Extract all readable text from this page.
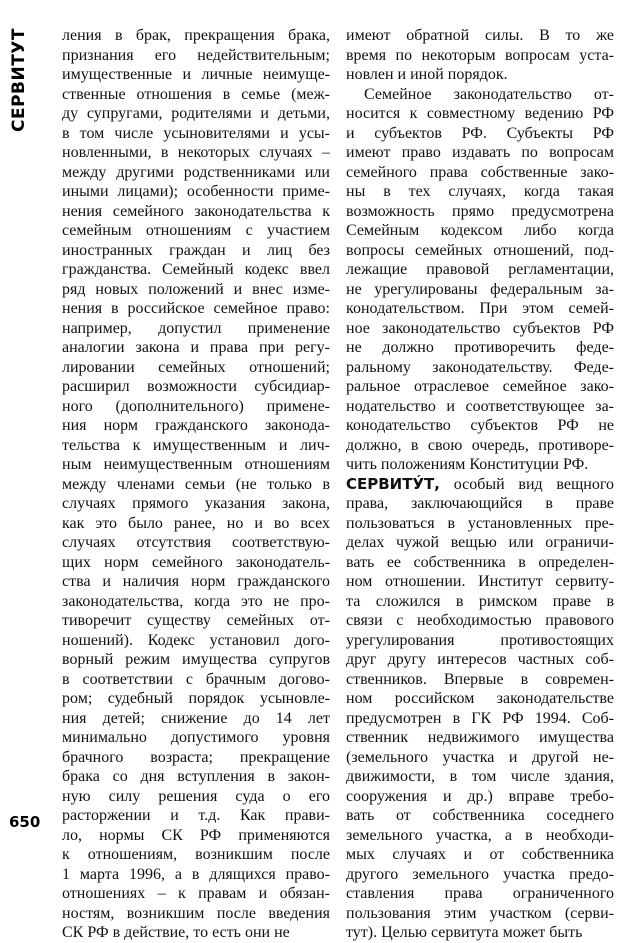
СЕРВИТУТ ления в брак, прекращения брака,
признания его недействительным;
имущественные и личные неимуще-
ственные отношения в семье (меж-
ду супругами, родителями и детьми,
в том числе усыновителями и усы-
новленными, в некоторых случаях –
между другими родственниками или
иными лицами); особенности приме-
нения семейного законодательства к
семейным отношениям с участием
иностранных граждан и лиц без
гражданства. Семейный кодекс ввел
ряд новых положений и внес изме-
нения в российское семейное право:
например, допустил применение
аналогии закона и права при регу-
лировании семейных отношений;
расширил возможности субсидиар-
ного (дополнительного) примене-
ния норм гражданского законода-
тельства к имущественным и лич-
ным неимущественным отношениям
между членами семьи (не только в
случаях прямого указания закона,
как это было ранее, но и во всех
случаях отсутствия соответствую-
щих норм семейного законодатель-
ства и наличия норм гражданского
законодательства, когда это не про-
тиворечит существу семейных от-
ношений). Кодекс установил дого-
ворный режим имущества супругов
в соответствии с брачным догово-
ром; судебный порядок усыновле-
ния детей; снижение до 14 лет
минимально допустимого уровня
брачного возраста; прекращение
брака со дня вступления в закон-
ную силу решения суда о его
расторжении и т.д. Как прави-
ло, нормы СК РФ применяются
к отношениям, возникшим после
1 марта 1996, а в длящихся право-
отношениях – к правам и обязан-
ностям, возникшим после введения
СК РФ в действие, то есть они не
имеют обратной силы. В то же
время по некоторым вопросам уста-
новлен и иной порядок.
Семейное законодательство от-
носится к совместному ведению РФ
и субъектов РФ. Субъекты РФ
имеют право издавать по вопросам
семейного права собственные зако-
ны в тех случаях, когда такая
возможность прямо предусмотрена
Семейным кодексом либо когда
вопросы семейных отношений, под-
лежащие правовой регламентации,
не урегулированы федеральным за-
конодательством. При этом семей-
ное законодательство субъектов РФ
не должно противоречить феде-
ральному законодательству. Феде-
ральное отраслевое семейное зако-
нодательство и соответствующее за-
конодательство субъектов РФ не
должно, в свою очередь, противоре-
чить положениям Конституции РФ.
СЕРВИТУ́Т, особый вид вещного
права, заключающийся в праве
пользоваться в установленных пре-
делах чужой вещью или ограничи-
вать ее собственника в определен-
ном отношении. Институт сервиту-
та сложился в римском праве в
связи с необходимостью правового
урегулирования противостоящих
друг другу интересов частных соб-
ственников. Впервые в современ-
ном российском законодательстве
предусмотрен в ГК РФ 1994. Соб-
ственник недвижимого имущества
(земельного участка и другой не-
движимости, в том числе здания,
сооружения и др.) вправе требо-
вать от собственника соседнего
земельного участка, а в необходи-
мых случаях и от собственника
другого земельного участка предо-
ставления права ограниченного
пользования этим участком (серви-
тут). Целью сервитута может быть
650
